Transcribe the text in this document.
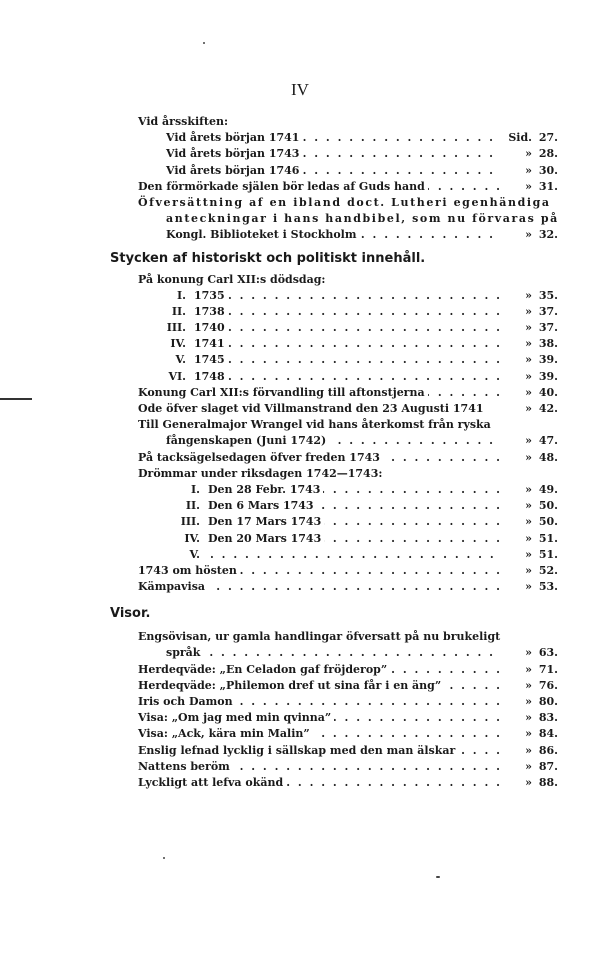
IV
Vid årsskiften:
Vid årets början 1741 . . .	Sid. 27.
Vid årets början 1743 . . .	» 28.
Vid årets början 1746 . . .	» 30.
Den förmörkade själen bör ledas af Guds hand . . .	» 31.
Öfversättning af en ibland doct. Lutheri egenhändiga
anteckningar i hans handbibel, som nu förvaras på
Kongl. Biblioteket i Stockholm . . .	» 32.
Stycken af historiskt och politiskt innehåll.
På konung Carl XII:s dödsdag:
I. 1735 . . .	» 35.
II. 1738 . . .	» 37.
III. 1740 . . .	» 37.
IV. 1741 . . .	» 38.
V. 1745 . . .	» 39.
VI. 1748 . . .	» 39.
Konung Carl XII:s förvandling till aftonstjerna . . .	» 40.
Ode öfver slaget vid Villmanstrand den 23 Augusti 1741	» 42.
Till Generalmajor Wrangel vid hans återkomst från ryska
fångenskapen (Juni 1742) . . .	» 47.
På tacksägelsedagen öfver freden 1743 . . .	» 48.
Drömmar under riksdagen 1742—1743:
I. Den 28 Febr. 1743 . . .	» 49.
II. Den 6 Mars 1743 . . .	» 50.
III. Den 17 Mars 1743 . . .	» 50.
IV. Den 20 Mars 1743 . . .	» 51.
V. . . .	» 51.
1743 om hösten . . .	» 52.
Kämpavisa . . .	» 53.
Visor.
Engsövisan, ur gamla handlingar öfversatt på nu brukeligt
språk . . .	» 63.
Herdeqväde: „En Celadon gaf fröjderop” . . .	» 71.
Herdeqväde: „Philemon dref ut sina får i en äng” . . .	» 76.
Iris och Damon . . .	» 80.
Visa: „Om jag med min qvinna” . . .	» 83.
Visa: „Ack, kära min Malin” . . .	» 84.
Enslig lefnad lycklig i sällskap med den man älskar . . .	» 86.
Nattens beröm . . .	» 87.
Lyckligt att lefva okänd . . .	» 88.
